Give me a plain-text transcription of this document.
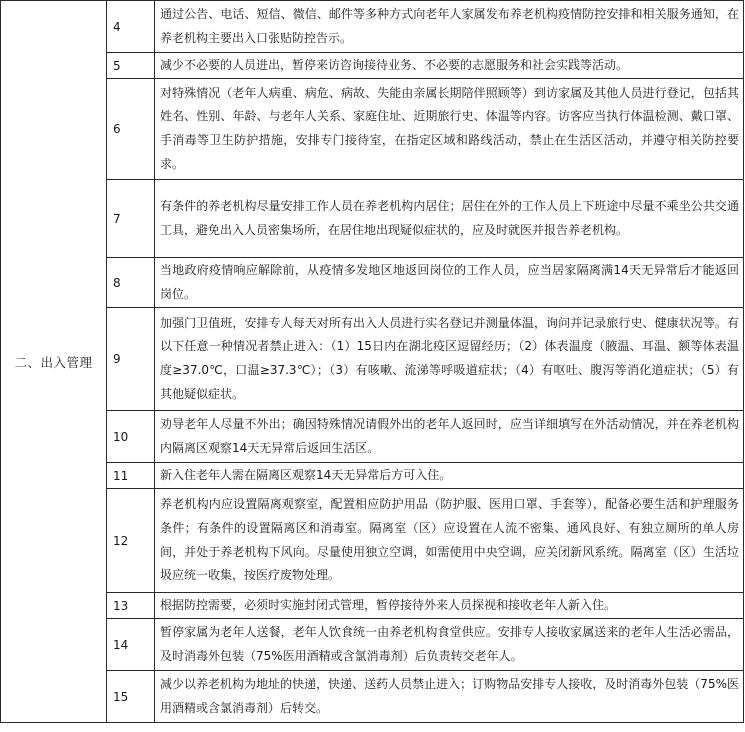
二、出入管理	4	通过公告、电话、短信、微信、邮件等多种方式向老年人家属发布养老机构疫情防控安排和相关服务通知，在养老机构主要出入口张贴防控告示。
	5	减少不必要的人员进出，暂停来访咨询接待业务、不必要的志愿服务和社会实践等活动。
	6	对特殊情况（老年人病重、病危、病故、失能由亲属长期陪伴照顾等）到访家属及其他人员进行登记，包括其姓名、性别、年龄、与老年人关系、家庭住址、近期旅行史、体温等内容。访客应当执行体温检测、戴口罩、手消毒等卫生防护措施，安排专门接待室，在指定区域和路线活动，禁止在生活区活动，并遵守相关防控要求。
	7	有条件的养老机构尽量安排工作人员在养老机构内居住；居住在外的工作人员上下班途中尽量不乘坐公共交通工具，避免出入人员密集场所，在居住地出现疑似症状的，应及时就医并报告养老机构。
	8	当地政府疫情响应解除前，从疫情多发地区地返回岗位的工作人员，应当居家隔离满14天无异常后才能返回岗位。
	9	加强门卫值班，安排专人每天对所有出入人员进行实名登记并测量体温，询问并记录旅行史、健康状况等。有以下任意一种情况者禁止进入：（1）15日内在湖北疫区逗留经历；（2）体表温度（腋温、耳温、额等体表温度≥37.0℃，口温≥37.3℃）；（3）有咳嗽、流涕等呼吸道症状；（4）有呕吐、腹泻等消化道症状；（5）有其他疑似症状。
	10	劝导老年人尽量不外出；确因特殊情况请假外出的老年人返回时，应当详细填写在外活动情况，并在养老机构内隔离区观察14天无异常后返回生活区。
	11	新入住老年人需在隔离区观察14天无异常后方可入住。
	12	养老机构内应设置隔离观察室，配置相应防护用品（防护服、医用口罩、手套等），配备必要生活和护理服务条件；有条件的设置隔离区和消毒室。隔离室（区）应设置在人流不密集、通风良好、有独立厕所的单人房间，并处于养老机构下风向。尽量使用独立空调，如需使用中央空调，应关闭新风系统。隔离室（区）生活垃圾应统一收集，按医疗废物处理。
	13	根据防控需要，必须时实施封闭式管理，暂停接待外来人员探视和接收老年人新入住。
	14	暂停家属为老年人送餐，老年人饮食统一由养老机构食堂供应。安排专人接收家属送来的老年人生活必需品，及时消毒外包装（75%医用酒精或含氯消毒剂）后负责转交老年人。
	15	减少以养老机构为地址的快递，快递、送药人员禁止进入；订购物品安排专人接收，及时消毒外包装（75%医用酒精或含氯消毒剂）后转交。
